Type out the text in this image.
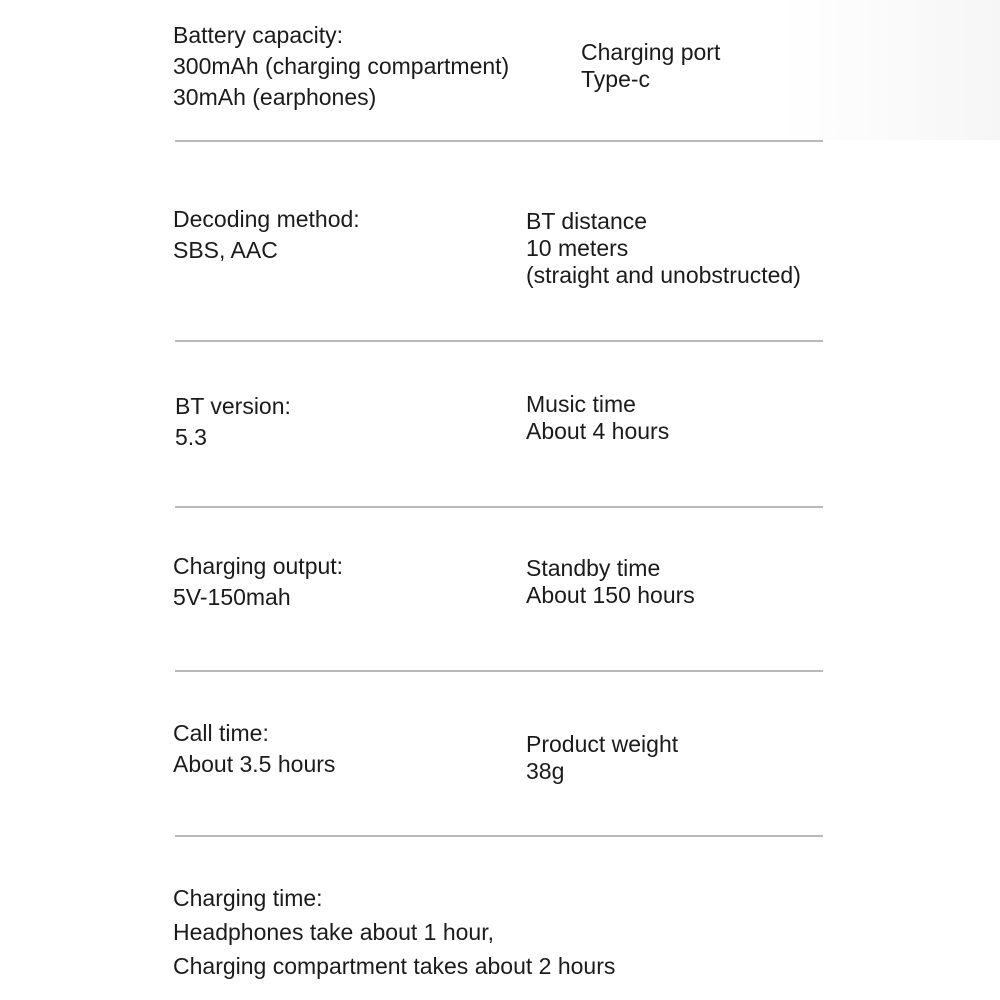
Battery capacity:
300mAh (charging compartment)
30mAh (earphones)
Charging port
Type-c
Decoding method:
SBS, AAC
BT distance
10 meters
(straight and unobstructed)
BT version:
5.3
Music time
About 4 hours
Charging output:
5V-150mah
Standby time
About 150 hours
Call time:
About 3.5 hours
Product weight
38g
Charging time:
Headphones take about 1 hour,
Charging compartment takes about 2 hours
